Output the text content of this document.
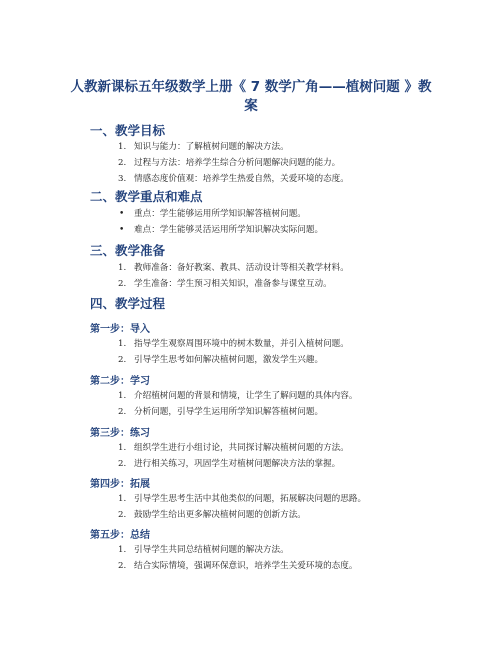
人教新课标五年级数学上册《 7 数学广角——植树问题 》教案
一、教学目标
1. 知识与能力：了解植树问题的解决方法。
2. 过程与方法：培养学生综合分析问题解决问题的能力。
3. 情感态度价值观：培养学生热爱自然，关爱环境的态度。
二、教学重点和难点
• 重点：学生能够运用所学知识解答植树问题。
• 难点：学生能够灵活运用所学知识解决实际问题。
三、教学准备
1. 教师准备：备好教案、教具、活动设计等相关教学材料。
2. 学生准备：学生预习相关知识，准备参与课堂互动。
四、教学过程
第一步：导入
1. 指导学生观察周围环境中的树木数量，并引入植树问题。
2. 引导学生思考如何解决植树问题，激发学生兴趣。
第二步：学习
1. 介绍植树问题的背景和情境，让学生了解问题的具体内容。
2. 分析问题，引导学生运用所学知识解答植树问题。
第三步：练习
1. 组织学生进行小组讨论，共同探讨解决植树问题的方法。
2. 进行相关练习，巩固学生对植树问题解决方法的掌握。
第四步：拓展
1. 引导学生思考生活中其他类似的问题，拓展解决问题的思路。
2. 鼓励学生给出更多解决植树问题的创新方法。
第五步：总结
1. 引导学生共同总结植树问题的解决方法。
2. 结合实际情境，强调环保意识，培养学生关爱环境的态度。
